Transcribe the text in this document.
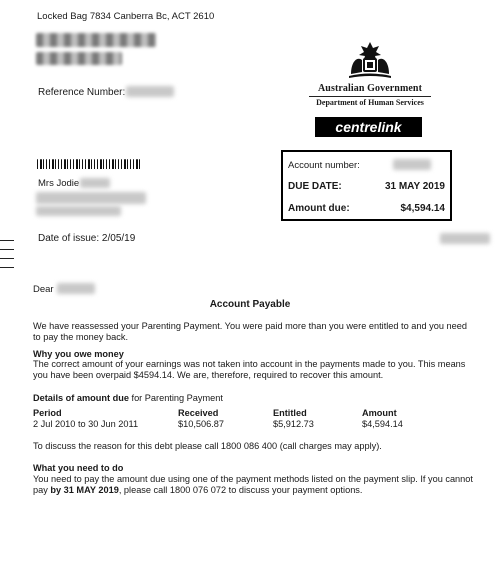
Locked Bag 7834 Canberra Bc, ACT 2610
Reference Number:
Mrs Jodie
Date of issue: 2/05/19
Australian Government
Department of Human Services
centrelink
Account number:
DUE DATE:	31 MAY 2019
Amount due:	$4,594.14
Dear
Account Payable
We have reassessed your Parenting Payment. You were paid more than you were entitled to and you need to pay the money back.
Why you owe money
The correct amount of your earnings was not taken into account in the payments made to you. This means you have been overpaid $4594.14. We are, therefore, required to recover this amount.
Details of amount due for Parenting Payment
Period	Received	Entitled	Amount
2 Jul 2010 to 30 Jun 2011	$10,506.87	$5,912.73	$4,594.14
To discuss the reason for this debt please call 1800 086 400 (call charges may apply).
What you need to do
You need to pay the amount due using one of the payment methods listed on the payment slip. If you cannot pay by 31 MAY 2019, please call 1800 076 072 to discuss your payment options.
